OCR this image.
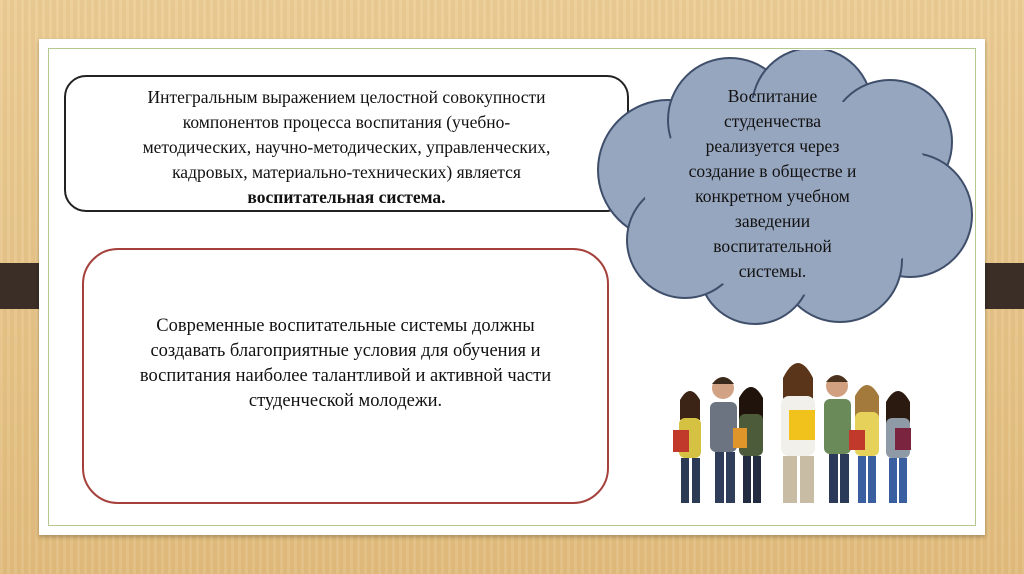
Интегральным выражением целостной совокупности
компонентов процесса воспитания (учебно-
методических, научно-методических, управленческих,
кадровых, материально-технических) является
воспитательная система.
Современные воспитательные системы должны
создавать благоприятные условия для обучения и
воспитания наиболее талантливой и активной части
студенческой молодежи.
Воспитание
студенчества
реализуется через
создание в обществе и
конкретном учебном
заведении
воспитательной
системы.
